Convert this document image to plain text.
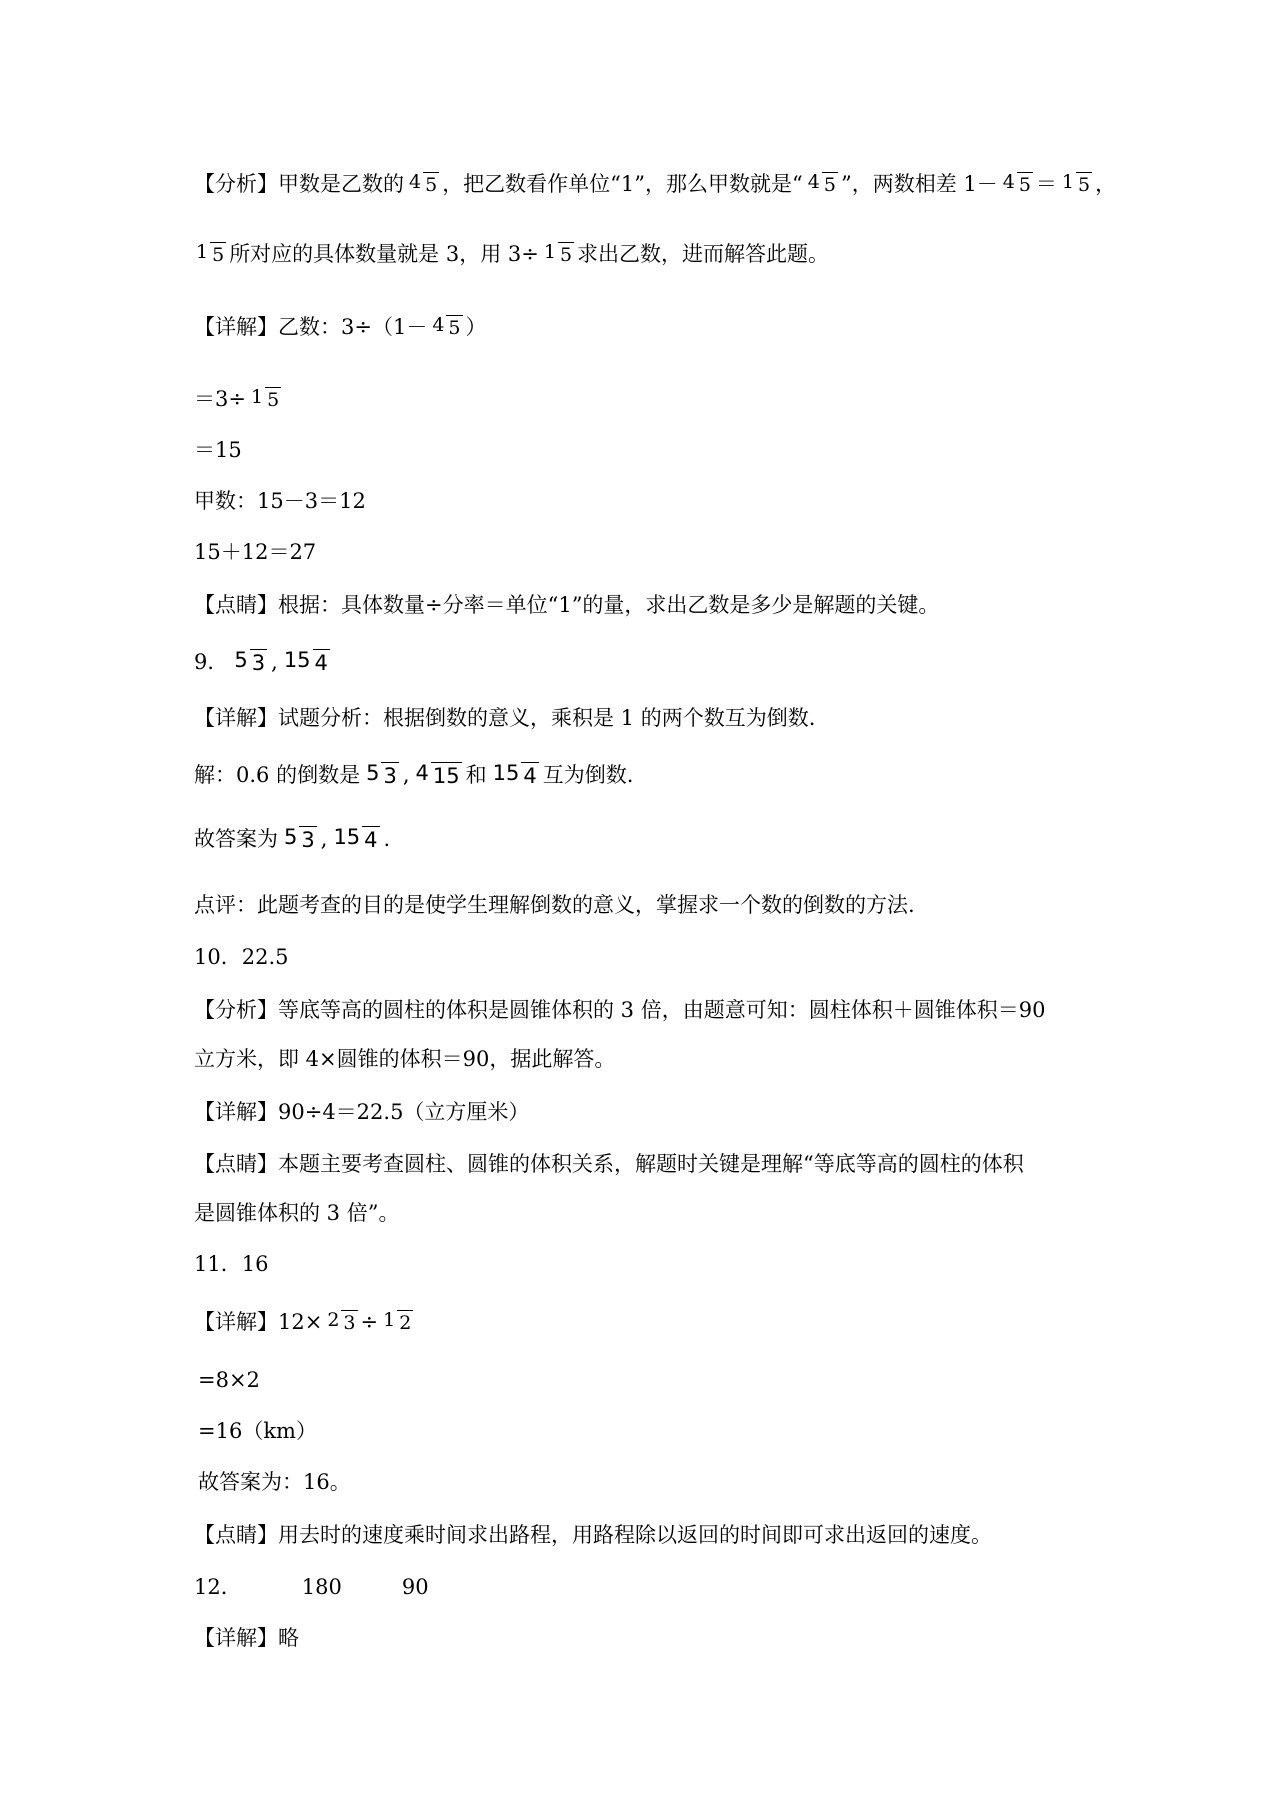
【分析】甲数是乙数的 4 5 ，把乙数看作单位“1”，那么甲数就是“ 4 5 ”，两数相差 1－ 4 5 ＝ 1 5 ，
1 5 所对应的具体数量就是 3，用 3÷ 1 5 求出乙数，进而解答此题。
【详解】乙数：3÷（1－ 4 5 ）
＝3÷ 1 5
＝15
甲数：15－3＝12
15＋12＝27
【点睛】根据：具体数量÷分率＝单位“1”的量，求出乙数是多少是解题的关键。
9． 5 3 , 15 4
【详解】试题分析：根据倒数的意义，乘积是 1 的两个数互为倒数.
解：0.6 的倒数是 5 3 , 4 15 和 15 4 互为倒数.
故答案为 5 3 , 15 4 .
点评：此题考查的目的是使学生理解倒数的意义，掌握求一个数的倒数的方法.
10．22.5
【分析】等底等高的圆柱的体积是圆锥体积的 3 倍，由题意可知：圆柱体积＋圆锥体积＝90
立方米，即 4×圆锥的体积＝90，据此解答。
【详解】90÷4＝22.5（立方厘米）
【点睛】本题主要考查圆柱、圆锥的体积关系，解题时关键是理解“等底等高的圆柱的体积
是圆锥体积的 3 倍”。
11．16
【详解】12× 2 3 ÷ 1 2
=8×2
=16（km）
故答案为：16。
【点睛】用去时的速度乘时间求出路程，用路程除以返回的时间即可求出返回的速度。
12．	180	90
【详解】略
